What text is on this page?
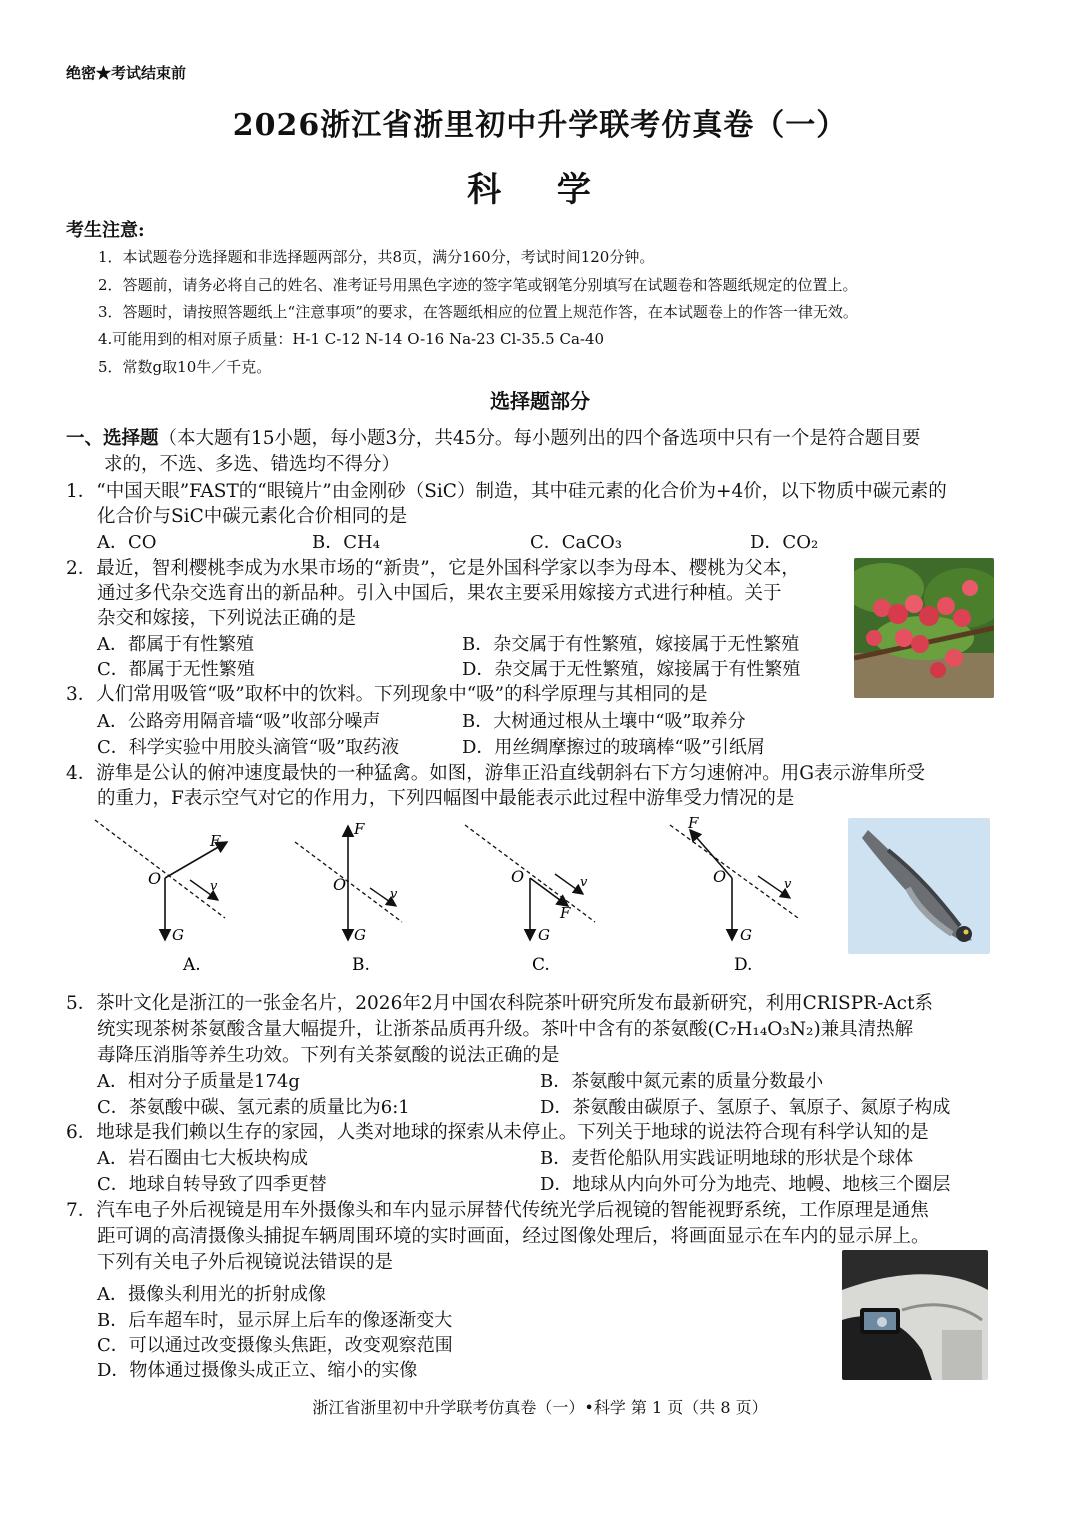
绝密★考试结束前
2026浙江省浙里初中升学联考仿真卷（一）
科 学
考生注意:
1．本试题卷分选择题和非选择题两部分，共8页，满分160分，考试时间120分钟。
2．答题前，请务必将自己的姓名、准考证号用黑色字迹的签字笔或钢笔分别填写在试题卷和答题纸规定的位置上。
3．答题时，请按照答题纸上“注意事项”的要求，在答题纸相应的位置上规范作答，在本试题卷上的作答一律无效。
4.可能用到的相对原子质量：H-1 C-12 N-14 O-16 Na-23 Cl-35.5 Ca-40
5．常数g取10牛／千克。
选择题部分
一、选择题（本大题有15小题，每小题3分，共45分。每小题列出的四个备选项中只有一个是符合题目要
求的，不选、多选、错选均不得分）
1．“中国天眼”FAST的“眼镜片”由金刚砂（SiC）制造，其中硅元素的化合价为+4价，以下物质中碳元素的
化合价与SiC中碳元素化合价相同的是
A．CO	B．CH₄	C．CaCO₃	D．CO₂
2．最近，智利樱桃李成为水果市场的“新贵”，它是外国科学家以李为母本、樱桃为父本，
通过多代杂交选育出的新品种。引入中国后，果农主要采用嫁接方式进行种植。关于
杂交和嫁接，下列说法正确的是
A．都属于有性繁殖	B．杂交属于有性繁殖，嫁接属于无性繁殖
C．都属于无性繁殖	D．杂交属于无性繁殖，嫁接属于有性繁殖
3．人们常用吸管“吸”取杯中的饮料。下列现象中“吸”的科学原理与其相同的是
A．公路旁用隔音墙“吸”收部分噪声	B．大树通过根从土壤中“吸”取养分
C．科学实验中用胶头滴管“吸”取药液	D．用丝绸摩擦过的玻璃棒“吸”引纸屑
4．游隼是公认的俯冲速度最快的一种猛禽。如图，游隼正沿直线朝斜右下方匀速俯冲。用G表示游隼所受
的重力，F表示空气对它的作用力，下列四幅图中最能表示此过程中游隼受力情况的是
O
F
G
v
A.
O
F
G
v
B.
O
F
G
v
C.
O
F
G
v
D.
5．茶叶文化是浙江的一张金名片，2026年2月中国农科院茶叶研究所发布最新研究，利用CRISPR-Act系
统实现茶树茶氨酸含量大幅提升，让浙茶品质再升级。茶叶中含有的茶氨酸(C₇H₁₄O₃N₂)兼具清热解
毒降压消脂等养生功效。下列有关茶氨酸的说法正确的是
A．相对分子质量是174g	B．茶氨酸中氮元素的质量分数最小
C．茶氨酸中碳、氢元素的质量比为6:1	D．茶氨酸由碳原子、氢原子、氧原子、氮原子构成
6．地球是我们赖以生存的家园，人类对地球的探索从未停止。下列关于地球的说法符合现有科学认知的是
A．岩石圈由七大板块构成	B．麦哲伦船队用实践证明地球的形状是个球体
C．地球自转导致了四季更替	D．地球从内向外可分为地壳、地幔、地核三个圈层
7．汽车电子外后视镜是用车外摄像头和车内显示屏替代传统光学后视镜的智能视野系统，工作原理是通焦
距可调的高清摄像头捕捉车辆周围环境的实时画面，经过图像处理后，将画面显示在车内的显示屏上。
下列有关电子外后视镜说法错误的是
A．摄像头利用光的折射成像
B．后车超车时，显示屏上后车的像逐渐变大
C．可以通过改变摄像头焦距，改变观察范围
D．物体通过摄像头成正立、缩小的实像
浙江省浙里初中升学联考仿真卷（一）•科学 第 1 页（共 8 页）
